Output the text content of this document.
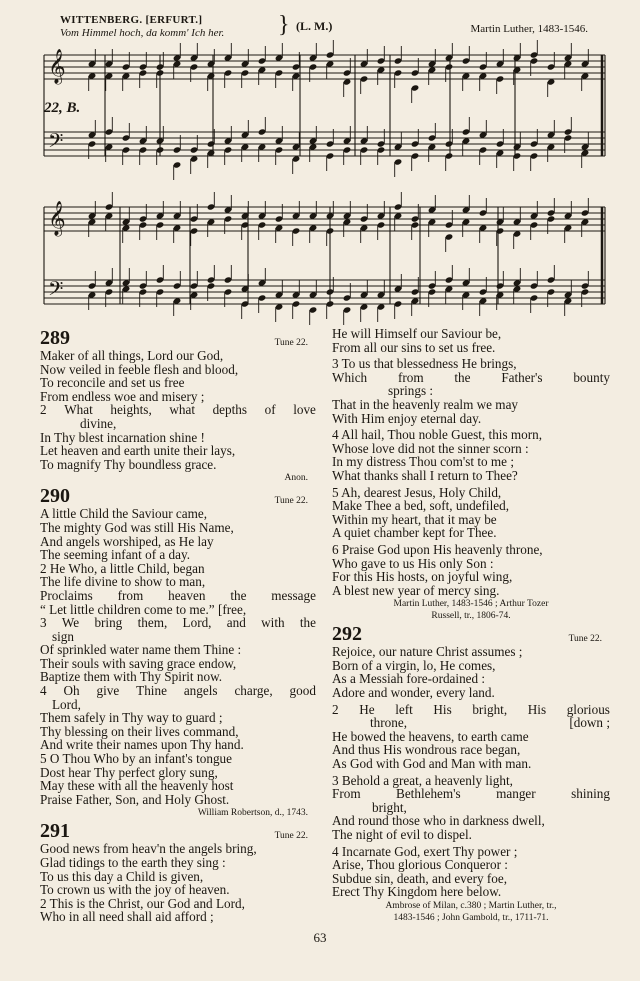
WITTENBERG. [ERFURT.]
Vom Himmel hoch, da komm' Ich her. } (L. M.)	Martin Luther, 1483-1546.
22, B.
𝄞
𝄢
𝄞
𝄢
289	Tune 22.
Maker of all things, Lord our God,
Now veiled in feeble flesh and blood,
To reconcile and set us free
From endless woe and misery ;
2 What heights, what depths of love
divine,
In Thy blest incarnation shine !
Let heaven and earth unite their lays,
To magnify Thy boundless grace.
Anon.
290	Tune 22.
A little Child the Saviour came,
The mighty God was still His Name,
And angels worshiped, as He lay
The seeming infant of a day.
2 He Who, a little Child, began
The life divine to show to man,
Proclaims from heaven the message
“ Let little children come to me.” [free,
3 We bring them, Lord, and with the
sign
Of sprinkled water name them Thine :
Their souls with saving grace endow,
Baptize them with Thy Spirit now.
4 Oh give Thine angels charge, good
Lord,
Them safely in Thy way to guard ;
Thy blessing on their lives command,
And write their names upon Thy hand.
5 O Thou Who by an infant's tongue
Dost hear Thy perfect glory sung,
May these with all the heavenly host
Praise Father, Son, and Holy Ghost.
William Robertson, d., 1743.
291	Tune 22.
Good news from heav'n the angels bring,
Glad tidings to the earth they sing :
To us this day a Child is given,
To crown us with the joy of heaven.
2 This is the Christ, our God and Lord,
Who in all need shall aid afford ;
He will Himself our Saviour be,
From all our sins to set us free.
3 To us that blessedness He brings,
Which from the Father's bounty
springs :
That in the heavenly realm we may
With Him enjoy eternal day.
4 All hail, Thou noble Guest, this morn,
Whose love did not the sinner scorn :
In my distress Thou com'st to me ;
What thanks shall I return to Thee?
5 Ah, dearest Jesus, Holy Child,
Make Thee a bed, soft, undefiled,
Within my heart, that it may be
A quiet chamber kept for Thee.
6 Praise God upon His heavenly throne,
Who gave to us His only Son :
For this His hosts, on joyful wing,
A blest new year of mercy sing.
Martin Luther, 1483-1546 ; Arthur Tozer
Russell, tr., 1806-74.
292	Tune 22.
Rejoice, our nature Christ assumes ;
Born of a virgin, lo, He comes,
As a Messiah fore-ordained :
Adore and wonder, every land.
2 He left His bright, His glorious
throne,	[down ;
He bowed the heavens, to earth came
And thus His wondrous race began,
As God with God and Man with man.
3 Behold a great, a heavenly light,
From	Bethlehem's	manger	shining
bright,
And round those who in darkness dwell,
The night of evil to dispel.
4 Incarnate God, exert Thy power ;
Arise, Thou glorious Conqueror :
Subdue sin, death, and every foe,
Erect Thy Kingdom here below.
Ambrose of Milan, c.380 ; Martin Luther, tr.,
1483-1546 ; John Gambold, tr., 1711-71.
63
